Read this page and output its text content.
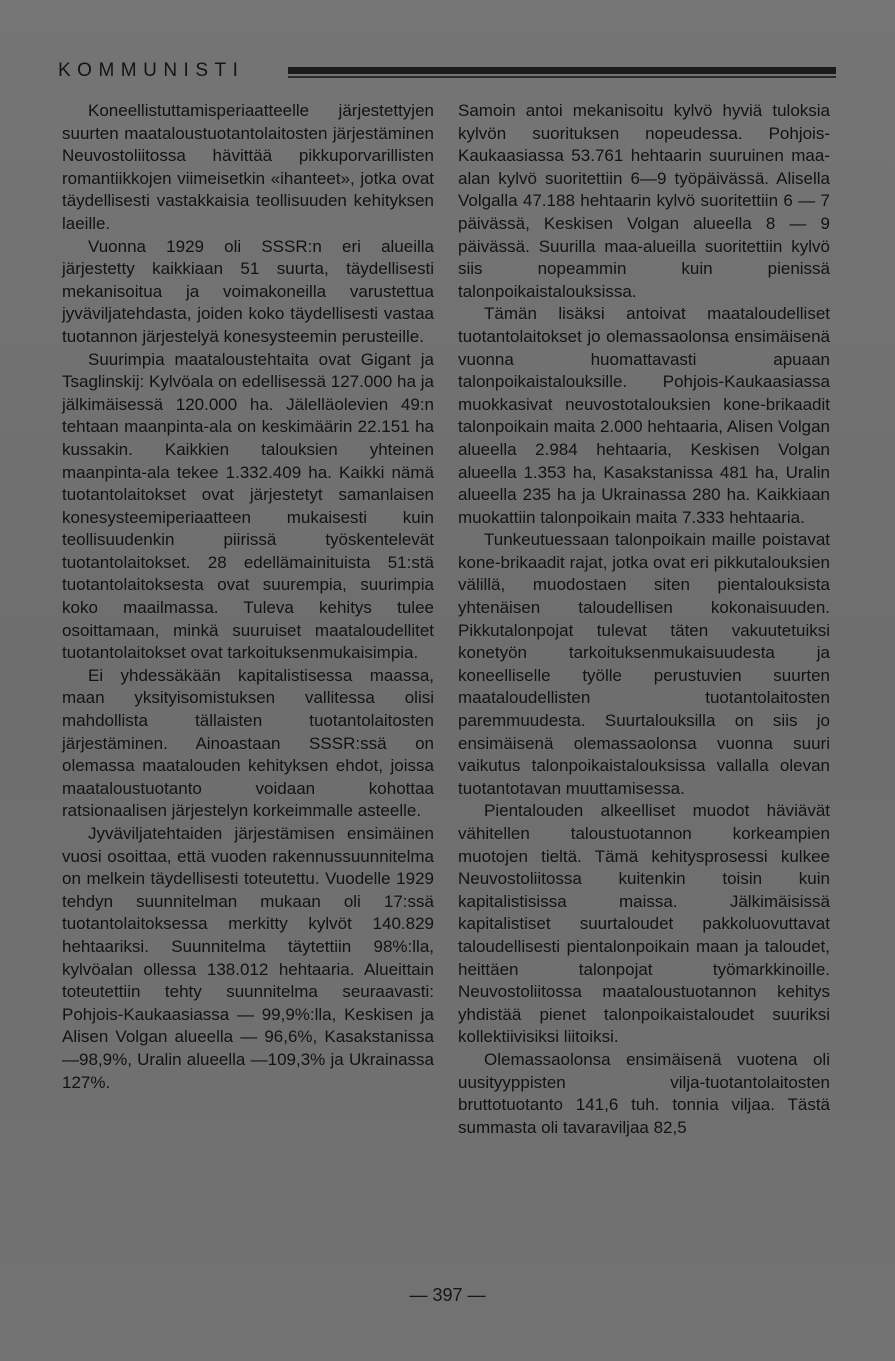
KOMMUNISTI

Koneellistuttamisperiaatteelle järjestettyjen suurten maataloustuotantolaitosten järjestäminen Neuvostoliitossa hävittää pikkuporvarillisten romantiikkojen viimeisetkin «ihanteet», jotka ovat täydellisesti vastakkaisia teollisuuden kehityksen laeille.

Vuonna 1929 oli SSSR:n eri alueilla järjestetty kaikkiaan 51 suurta, täydellisesti mekanisoitua ja voimakoneilla varustettua jyväviljatehdasta, joiden koko täydellisesti vastaa tuotannon järjestelyä konesysteemin perusteille.

Suurimpia maataloustehtaita ovat Gigant ja Tsaglinskij: Kylvöala on edellisessä 127.000 ha ja jälkimäisessä 120.000 ha. Jälelläolevien 49:n tehtaan maanpinta-ala on keskimäärin 22.151 ha kussakin. Kaikkien talouksien yhteinen maanpinta-ala tekee 1.332.409 ha. Kaikki nämä tuotantolaitokset ovat järjestetyt samanlaisen konesysteemiperiaatteen mukaisesti kuin teollisuudenkin piirissä työskentelevät tuotantolaitokset. 28 edellämainituista 51:stä tuotantolaitoksesta ovat suurempia, suurimpia koko maailmassa. Tuleva kehitys tulee osoittamaan, minkä suuruiset maataloudellitet tuotantolaitokset ovat tarkoituksenmukaisimpia.

Ei yhdessäkään kapitalistisessa maassa, maan yksityisomistuksen vallitessa olisi mahdollista tällaisten tuotantolaitosten järjestäminen. Ainoastaan SSSR:ssä on olemassa maatalouden kehityksen ehdot, joissa maataloustuotanto voidaan kohottaa ratsionaalisen järjestelyn korkeimmalle asteelle.

Jyväviljatehtaiden järjestämisen ensimäinen vuosi osoittaa, että vuoden rakennussuunnitelma on melkein täydellisesti toteutettu. Vuodelle 1929 tehdyn suunnitelman mukaan oli 17:ssä tuotantolaitoksessa merkitty kylvöt 140.829 hehtaariksi. Suunnitelma täytettiin 98%:lla, kylvöalan ollessa 138.012 hehtaaria. Alueittain toteutettiin tehty suunnitelma seuraavasti: Pohjois-Kaukaasiassa — 99,9%:lla, Keskisen ja Alisen Volgan alueella — 96,6%, Kasakstanissa —98,9%, Uralin alueella —109,3% ja Ukrainassa 127%.

Samoin antoi mekanisoitu kylvö hyviä tuloksia kylvön suorituksen nopeudessa. Pohjois-Kaukaasiassa 53.761 hehtaarin suuruinen maa-alan kylvö suoritettiin 6—9 työpäivässä. Alisella Volgalla 47.188 hehtaarin kylvö suoritettiin 6 — 7 päivässä, Keskisen Volgan alueella 8 — 9 päivässä. Suurilla maa-alueilla suoritettiin kylvö siis nopeammin kuin pienissä talonpoikaistalouksissa.

Tämän lisäksi antoivat maataloudelliset tuotantolaitokset jo olemassaolonsa ensimäisenä vuonna huomattavasti apuaan talonpoikaistalouksille. Pohjois-Kaukaasiassa muokkasivat neuvostotalouksien kone-brikaadit talonpoikain maita 2.000 hehtaaria, Alisen Volgan alueella 2.984 hehtaaria, Keskisen Volgan alueella 1.353 ha, Kasakstanissa 481 ha, Uralin alueella 235 ha ja Ukrainassa 280 ha. Kaikkiaan muokattiin talonpoikain maita 7.333 hehtaaria.

Tunkeutuessaan talonpoikain maille poistavat kone-brikaadit rajat, jotka ovat eri pikkutalouksien välillä, muodostaen siten pientalouksista yhtenäisen taloudellisen kokonaisuuden. Pikkutalonpojat tulevat täten vakuutetuiksi konetyön tarkoituksenmukaisuudesta ja koneelliselle työlle perustuvien suurten maataloudellisten tuotantolaitosten paremmuudesta. Suurtalouksilla on siis jo ensimäisenä olemassaolonsa vuonna suuri vaikutus talonpoikaistalouksissa vallalla olevan tuotantotavan muuttamisessa.

Pientalouden alkeelliset muodot häviävät vähitellen taloustuotannon korkeampien muotojen tieltä. Tämä kehitysprosessi kulkee Neuvostoliitossa kuitenkin toisin kuin kapitalistisissa maissa. Jälkimäisissä kapitalistiset suurtaloudet pakkoluovuttavat taloudellisesti pientalonpoikain maan ja taloudet, heittäen talonpojat työmarkkinoille. Neuvostoliitossa maataloustuotannon kehitys yhdistää pienet talonpoikaistaloudet suuriksi kollektiivisiksi liitoiksi.

Olemassaolonsa ensimäisenä vuotena oli uusityyppisten vilja-tuotantolaitosten bruttotuotanto 141,6 tuh. tonnia viljaa. Tästä summasta oli tavaraviljaa 82,5

— 397 —
